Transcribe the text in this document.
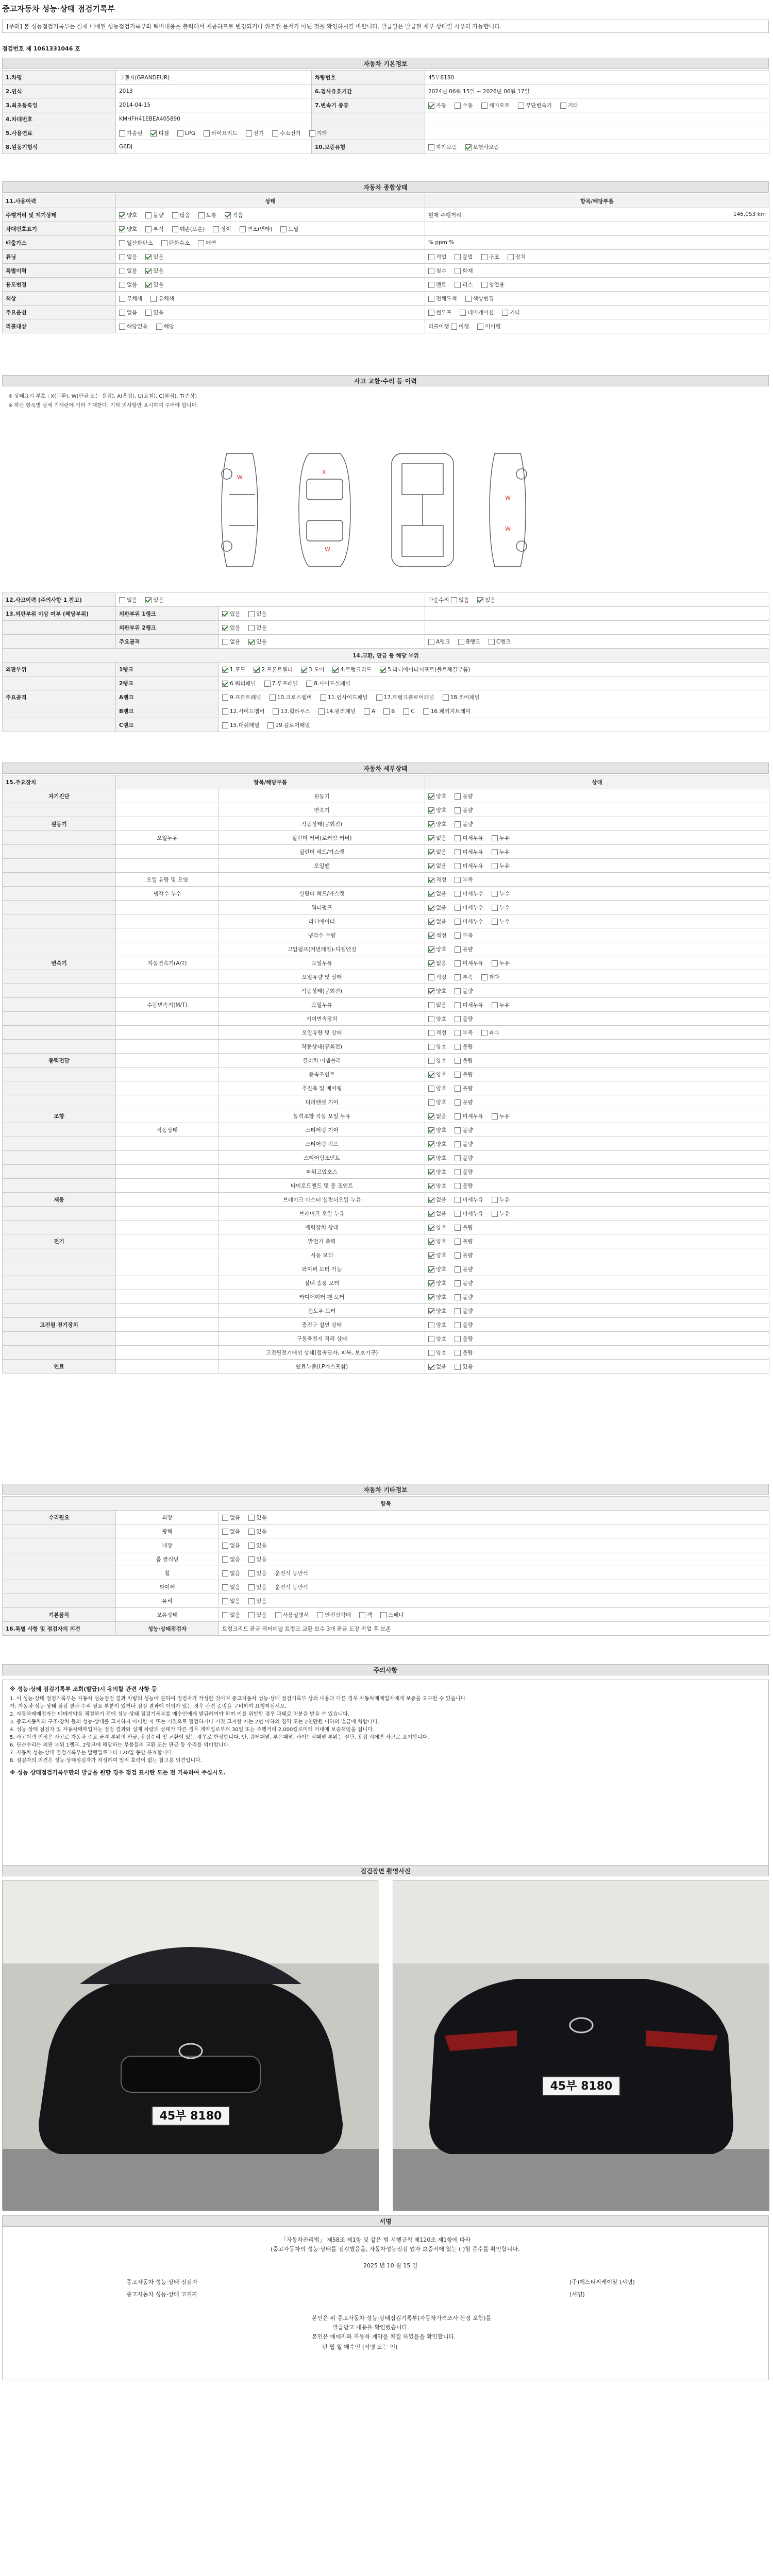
중고자동차 성능·상태 점검기록부
[주의] 본 성능점검기록부는 실제 매매된 성능점검기록부와 택비내용을 출력해서 제공하므로 변경되거나 위조된 문서가 아닌 것을 확인하시길 바랍니다. 발급일은 발급된 재부 상태일 시부터 가능합니다.
점검번호 제 1061331046 호
자동차 기본정보
1.차명	그랜저(GRANDEUR)	차량번호	45부8180
2.연식	2013	6.검사유효기간	2024년 06월 15일 ~ 2026년 06월 17일
3.최초등록일	2014-04-15	7.변속기 종류	자동 수동 세미오토 무단변속기 기타
4.차대번호	KMHFH41EBEA405890		
5.사용연료	가솔린 디젤 LPG 하이브리드 전기 수소전기 기타		
8.원동기형식	G6DJ	10.보증유형	자가보증 보험사보증
자동차 종합상태
11.사용이력	상태	항목/해당부품
주행거리 및 계기상태	양호 불량 많음 보통 적음	현재 주행거리 146,053 km

차대번호표기	양호 부식 훼손(오손) 상이 변조(변타) 도말	
배출가스	일산화탄소 탄화수소 매연	% ppm %
튜닝	없음 있음	적법 불법 구조 장치
특별이력	없음 있음	침수 화재
용도변경	없음 있음	렌트 리스 영업용
색상	무채색 유채색	전체도색 색상변경
주요옵션	없음 있음	썬루프 네비게이션 기타
리콜대상	해당없음 해당	리콜이행 이행 미이행
사고 교환·수리 등 이력
※ 상태표시 부호 : X(교환), W(판금 또는 용접), A(흠집), U(요철), C(부식), T(손상)
※ 하단 항목별 상세 기재란에 기타 기재한다. 기타 의사항만 표시하여 주어야 합니다.
W
X
W
W
W
12.사고이력 (주의사항 1 참고)	없음 있음		단순수리 없음 있음
13.외판부위 이상 여부 (해당부위)	외판부위 1랭크	있음 없음	
	외판부위 2랭크	있음 없음	
	주요골격	없음 있음	A랭크 B랭크 C랭크
14.교환, 판금 등 해당 부위			
외판부위	1랭크	1.후드 2.프론트휀더 3.도어 4.트렁크리드 5.라디에이터서포트(볼트체결부품)	
	2랭크	6.쿼터패널 7.루프패널 8.사이드실패널	
주요골격	A랭크	9.프론트패널 10.크로스멤버 11.인사이드패널 17.트렁크플로어패널 18.리어패널	
	B랭크	12.사이드멤버 13.휠하우스 14.필러패널 A B C 16.패키지트레이	
	C랭크	15.대쉬패널 19.플로어패널	
자동차 세부상태
15.주요장치	항목/해당부품		상태
자기진단		원동기	양호 불량
		변속기	양호 불량
원동기		작동상태(공회전)	양호 불량
	오일누유	실린더 커버(로커암 커버)	없음 미세누유 누유
		실린더 헤드/가스켓	없음 미세누유 누유
		오일팬	없음 미세누유 누유
	오일 유량 및 오염		적정 부족
	냉각수 누수	실린더 헤드/가스켓	없음 미세누수 누수
		워터펌프	없음 미세누수 누수
		라디에이터	없음 미세누수 누수
		냉각수 수량	적정 부족
		고압펌프(커먼레일)-디젤엔진	양호 불량
변속기	자동변속기(A/T)	오일누유	없음 미세누유 누유
		오일유량 및 상태	적정 부족 과다
		작동상태(공회전)	양호 불량
	수동변속기(M/T)	오일누유	없음 미세누유 누유
		기어변속장치	양호 불량
		오일유량 및 상태	적정 부족 과다
		작동상태(공회전)	양호 불량
동력전달		클러치 어셈블리	양호 불량
		등속조인트	양호 불량
		추진축 및 베어링	양호 불량
		디퍼렌셜 기어	양호 불량
조향		동력조향 작동 오일 누유	없음 미세누유 누유
	작동상태	스티어링 기어	양호 불량
		스티어링 펌프	양호 불량
		스티어링조인트	양호 불량
		파워고압호스	양호 불량
		타이로드엔드 및 볼 조인트	양호 불량
제동		브레이크 마스터 실린더오일 누유	없음 미세누유 누유
		브레이크 오일 누유	없음 미세누유 누유
		배력장치 상태	양호 불량
전기		발전기 출력	양호 불량
		시동 모터	양호 불량
		와이퍼 모터 기능	양호 불량
		실내 송풍 모터	양호 불량
		라디에이터 팬 모터	양호 불량
		윈도우 모터	양호 불량
고전원 전기장치		충전구 절연 상태	양호 불량
		구동축전지 격리 상태	양호 불량
		고전원전기배선 상태(접속단자, 피복, 보호기구)	양호 불량
연료		연료누출(LP가스포함)	없음 있음
자동차 기타정보
항목		
수리필요	외장	없음 있음
	광택	없음 있음
	내장	없음 있음
	룸 클리닝	없음 있음
	휠	없음 있음 운전석 동반석
	타이어	없음 있음 운전석 동반석
	유리	없음 있음
기본품목	보유상태	없음 있음 사용설명서 안전삼각대 잭 스패너
16.특별 사항 및 점검자의 의견	성능·상태점검자	트렁크리드 판금 쿼터패널 트렁크 교환 보수 3개 판금 도장 작업 후 보존
주의사항
※ 성능·상태 점검기록부 조회(발급)시 유의할 관련 사항 등

1. 이 성능·상태 점검기록부는 자동차 성능점검 결과 차량의 성능에 관하여 점검자가 작성한 것이며 중고자동차 성능·상태 점검기록부 상의 내용과 다른 경우 자동차매매업자에게 보증을 요구할 수 있습니다.

가. 자동차 성능·상태 점검 결과 수리 필요 부분이 있거나 점검 결과에 이의가 있는 경우 관련 증빙을 구비하여 요청하십시오.

2. 자동차매매업자는 매매계약을 체결하기 전에 성능·상태 점검기록부를 매수인에게 발급하여야 하며 이를 위반한 경우 과태료 처분을 받을 수 있습니다.

3. 중고자동차의 구조·장치 등의 성능·상태를 고지하지 아니한 자 또는 거짓으로 점검하거나 거짓 고지한 자는 2년 이하의 징역 또는 2천만원 이하의 벌금에 처합니다.

4. 성능·상태 점검자 및 자동차매매업자는 점검 결과와 실제 차량의 상태가 다른 경우 계약일로부터 30일 또는 주행거리 2,000킬로미터 이내에 보증책임을 집니다.

5. 사고이력 인정은 사고로 자동차 주요 골격 부위의 판금, 용접수리 및 교환이 있는 경우로 한정합니다. 단, 쿼터패널, 루프패널, 사이드실패널 부위는 절단, 용접 시에만 사고로 표기합니다.

6. 단순수리는 외판 부위 1랭크, 2랭크에 해당하는 부품들의 교환 또는 판금 등 수리를 의미합니다.

7. 자동차 성능·상태 점검기록부는 발행일로부터 120일 동안 유효합니다.

8. 점검자의 의견은 성능·상태점검자가 작성하며 법적 효력이 없는 참고용 의견입니다.

※ 성능 상태점검기록부만의 발급을 원할 경우 점검 표시란 모든 전 기록하여 주십시오.
점검장면 촬영사진
45부 8180
45부 8180
서명
「자동차관리법」 제58조 제1항 및 같은 법 시행규칙 제120조 제1항에 따라
(중고자동차의 성능·상태를 점검했음을, 자동차성능점검 업자 보증서에 있는 ( )형 준수를 확인합니다.
2025 년 10 월 15 일
중고자동차 성능·상태 점검자	(주)에스티씨케이알 (서명)
중고자동차 성능·상태 고지자	(서명)
본인은 위 중고자동차 성능·상태점검기록부(자동차가격조사·산정 포함)를
발급받고 내용을 확인했습니다.
본인은 매매자와 자동차 계약을 체결 하였을을 확인합니다.
년 월 일 매수인 (서명 또는 인)
